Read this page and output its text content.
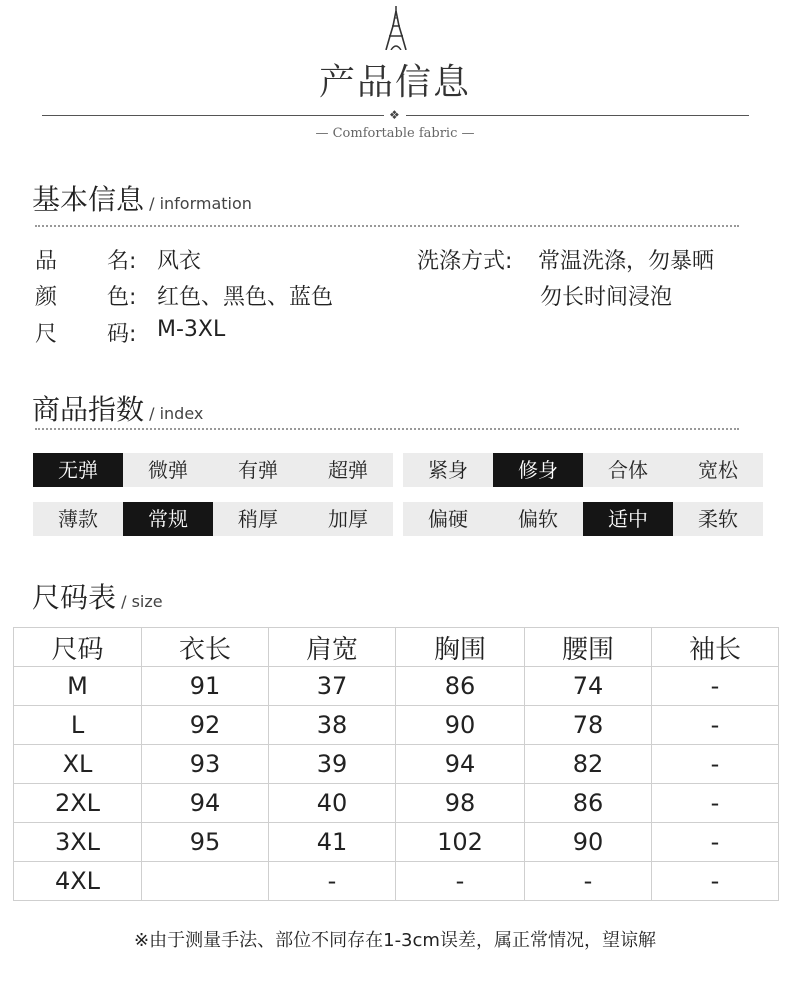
产品信息
❖
— Comfortable fabric —
基本信息 / information
品 名: 风衣
颜 色: 红色、黑色、蓝色
尺 码: M-3XL
洗涤方式: 常温洗涤，勿暴晒
勿长时间浸泡
商品指数 / index
无弹	微弹	有弹	超弹	紧身	修身	合体	宽松
薄款	常规	稍厚	加厚	偏硬	偏软	适中	柔软
尺码表 / size
尺码	衣长	肩宽	胸围	腰围	袖长
M	91	37	86	74	-
L	92	38	90	78	-
XL	93	39	94	82	-
2XL	94	40	98	86	-
3XL	95	41	102	90	-
4XL		-	-	-	-
※由于测量手法、部位不同存在1-3cm误差，属正常情况，望谅解
